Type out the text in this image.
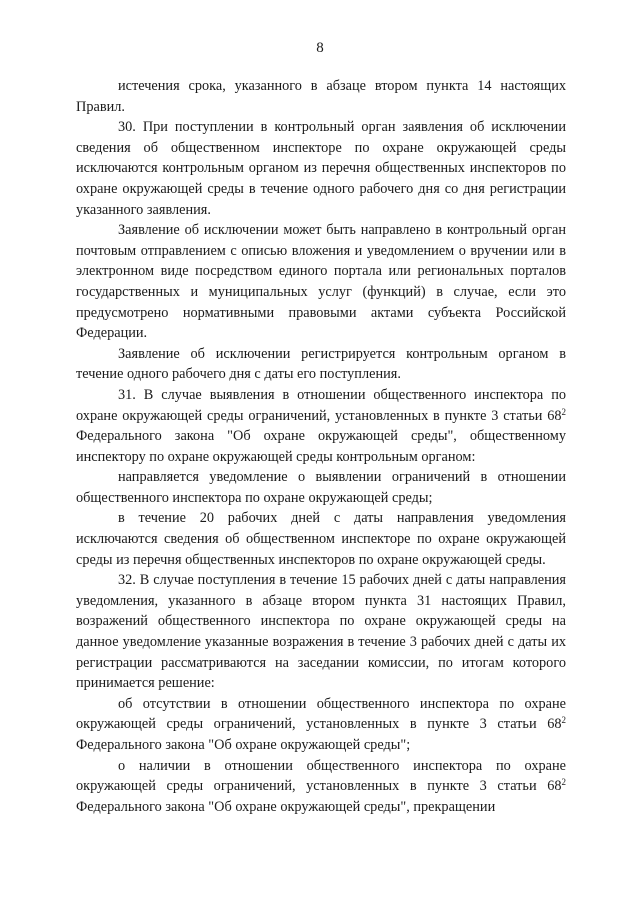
8

истечения срока, указанного в абзаце втором пункта 14 настоящих Правил.

30. При поступлении в контрольный орган заявления об исключении сведения об общественном инспекторе по охране окружающей среды исключаются контрольным органом из перечня общественных инспекторов по охране окружающей среды в течение одного рабочего дня со дня регистрации указанного заявления.

Заявление об исключении может быть направлено в контрольный орган почтовым отправлением с описью вложения и уведомлением о вручении или в электронном виде посредством единого портала или региональных порталов государственных и муниципальных услуг (функций) в случае, если это предусмотрено нормативными правовыми актами субъекта Российской Федерации.

Заявление об исключении регистрируется контрольным органом в течение одного рабочего дня с даты его поступления.

31. В случае выявления в отношении общественного инспектора по охране окружающей среды ограничений, установленных в пункте 3 статьи $68^2$ Федерального закона "Об охране окружающей среды", общественному инспектору по охране окружающей среды контрольным органом:

направляется уведомление о выявлении ограничений в отношении общественного инспектора по охране окружающей среды;

в течение 20 рабочих дней с даты направления уведомления исключаются сведения об общественном инспекторе по охране окружающей среды из перечня общественных инспекторов по охране окружающей среды.

32. В случае поступления в течение 15 рабочих дней с даты направления уведомления, указанного в абзаце втором пункта 31 настоящих Правил, возражений общественного инспектора по охране окружающей среды на данное уведомление указанные возражения в течение 3 рабочих дней с даты их регистрации рассматриваются на заседании комиссии, по итогам которого принимается решение:

об отсутствии в отношении общественного инспектора по охране окружающей среды ограничений, установленных в пункте 3 статьи $68^2$ Федерального закона "Об охране окружающей среды";

о наличии в отношении общественного инспектора по охране окружающей среды ограничений, установленных в пункте 3 статьи $68^2$ Федерального закона "Об охране окружающей среды", прекращении
